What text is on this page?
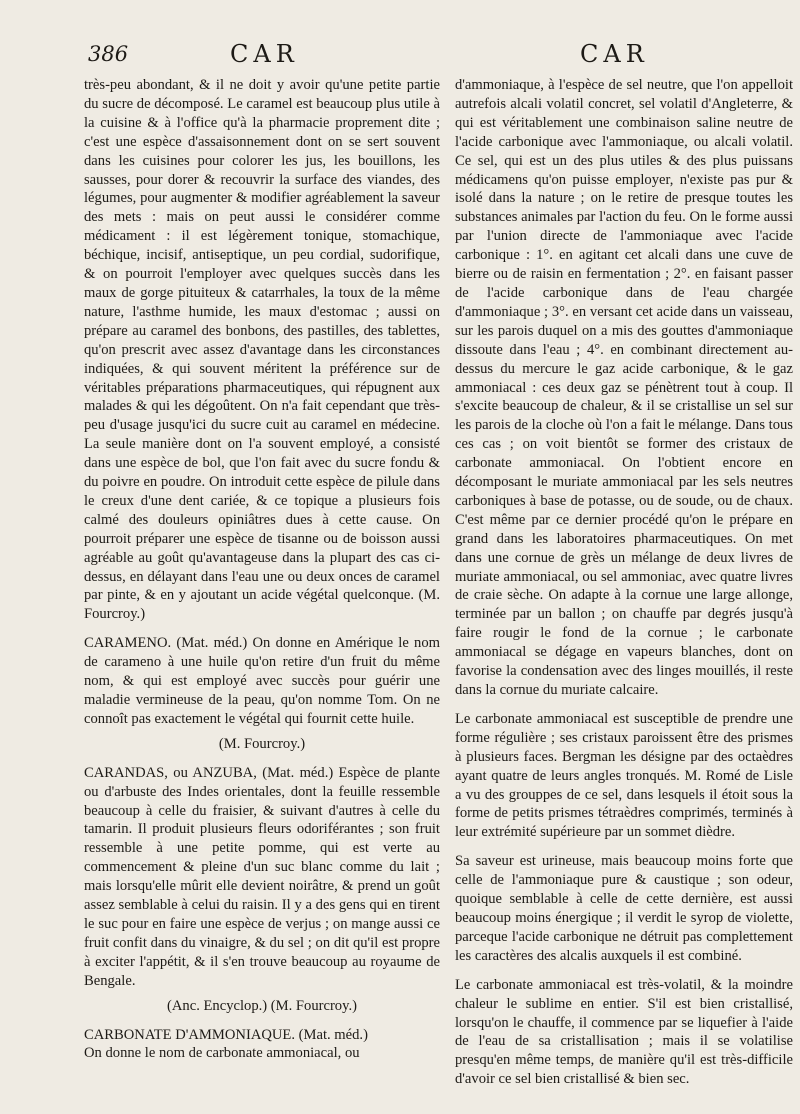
386	CAR	CAR

très-peu abondant, & il ne doit y avoir qu'une petite partie du sucre de décomposé. Le caramel est beaucoup plus utile à la cuisine & à l'office qu'à la pharmacie proprement dite ; c'est une espèce d'assaisonnement dont on se sert souvent dans les cuisines pour colorer les jus, les bouillons, les sausses, pour dorer & recouvrir la surface des viandes, des légumes, pour augmenter & modifier agréablement la saveur des mets : mais on peut aussi le considérer comme médicament : il est légèrement tonique, stomachique, béchique, incisif, antiseptique, un peu cordial, sudorifique, & on pourroit l'employer avec quelques succès dans les maux de gorge pituiteux & catarrhales, la toux de la même nature, l'asthme humide, les maux d'estomac ; aussi on prépare au caramel des bonbons, des pastilles, des tablettes, qu'on prescrit avec assez d'avantage dans les circonstances indiquées, & qui souvent méritent la préférence sur de véritables préparations pharmaceutiques, qui répugnent aux malades & qui les dégoûtent. On n'a fait cependant que très-peu d'usage jusqu'ici du sucre cuit au caramel en médecine. La seule manière dont on l'a souvent employé, a consisté dans une espèce de bol, que l'on fait avec du sucre fondu & du poivre en poudre. On introduit cette espèce de pilule dans le creux d'une dent cariée, & ce topique a plusieurs fois calmé des douleurs opiniâtres dues à cette cause. On pourroit préparer une espèce de tisanne ou de boisson aussi agréable au goût qu'avantageuse dans la plupart des cas ci-dessus, en délayant dans l'eau une ou deux onces de caramel par pinte, & en y ajoutant un acide végétal quelconque. (M. Fourcroy.)

CARAMENO. (Mat. méd.) On donne en Amérique le nom de carameno à une huile qu'on retire d'un fruit du même nom, & qui est employé avec succès pour guérir une maladie vermineuse de la peau, qu'on nomme Tom. On ne connoît pas exactement le végétal qui fournit cette huile.

(M. Fourcroy.)

CARANDAS, ou ANZUBA, (Mat. méd.) Espèce de plante ou d'arbuste des Indes orientales, dont la feuille ressemble beaucoup à celle du fraisier, & suivant d'autres à celle du tamarin. Il produit plusieurs fleurs odoriférantes ; son fruit ressemble à une petite pomme, qui est verte au commencement & pleine d'un suc blanc comme du lait ; mais lorsqu'elle mûrit elle devient noirâtre, & prend un goût assez semblable à celui du raisin. Il y a des gens qui en tirent le suc pour en faire une espèce de verjus ; on mange aussi ce fruit confit dans du vinaigre, & du sel ; on dit qu'il est propre à exciter l'appétit, & il s'en trouve beaucoup au royaume de Bengale.

(Anc. Encyclop.) (M. Fourcroy.)

CARBONATE D'AMMONIAQUE. (Mat. méd.)

On donne le nom de carbonate ammoniacal, ou

d'ammoniaque, à l'espèce de sel neutre, que l'on appelloit autrefois alcali volatil concret, sel volatil d'Angleterre, & qui est véritablement une combinaison saline neutre de l'acide carbonique avec l'ammoniaque, ou alcali volatil. Ce sel, qui est un des plus utiles & des plus puissans médicamens qu'on puisse employer, n'existe pas pur & isolé dans la nature ; on le retire de presque toutes les substances animales par l'action du feu. On le forme aussi par l'union directe de l'ammoniaque avec l'acide carbonique : 1°. en agitant cet alcali dans une cuve de bierre ou de raisin en fermentation ; 2°. en faisant passer de l'acide carbonique dans de l'eau chargée d'ammoniaque ; 3°. en versant cet acide dans un vaisseau, sur les parois duquel on a mis des gouttes d'ammoniaque dissoute dans l'eau ; 4°. en combinant directement au-dessus du mercure le gaz acide carbonique, & le gaz ammoniacal : ces deux gaz se pénètrent tout à coup. Il s'excite beaucoup de chaleur, & il se cristallise un sel sur les parois de la cloche où l'on a fait le mélange. Dans tous ces cas ; on voit bientôt se former des cristaux de carbonate ammoniacal. On l'obtient encore en décomposant le muriate ammoniacal par les sels neutres carboniques à base de potasse, ou de soude, ou de chaux. C'est même par ce dernier procédé qu'on le prépare en grand dans les laboratoires pharmaceutiques. On met dans une cornue de grès un mélange de deux livres de muriate ammoniacal, ou sel ammoniac, avec quatre livres de craie sèche. On adapte à la cornue une large allonge, terminée par un ballon ; on chauffe par degrés jusqu'à faire rougir le fond de la cornue ; le carbonate ammoniacal se dégage en vapeurs blanches, dont on favorise la condensation avec des linges mouillés, il reste dans la cornue du muriate calcaire.

Le carbonate ammoniacal est susceptible de prendre une forme régulière ; ses cristaux paroissent être des prismes à plusieurs faces. Bergman les désigne par des octaèdres ayant quatre de leurs angles tronqués. M. Romé de Lisle a vu des grouppes de ce sel, dans lesquels il étoit sous la forme de petits prismes tétraèdres comprimés, terminés à leur extrémité supérieure par un sommet dièdre.

Sa saveur est urineuse, mais beaucoup moins forte que celle de l'ammoniaque pure & caustique ; son odeur, quoique semblable à celle de cette dernière, est aussi beaucoup moins énergique ; il verdit le syrop de violette, parceque l'acide carbonique ne détruit pas complettement les caractères des alcalis auxquels il est combiné.

Le carbonate ammoniacal est très-volatil, & la moindre chaleur le sublime en entier. S'il est bien cristallisé, lorsqu'on le chauffe, il commence par se liquefier à l'aide de l'eau de sa cristallisation ; mais il se volatilise presqu'en même temps, de manière qu'il est très-difficile d'avoir ce sel bien cristallisé & bien sec.
